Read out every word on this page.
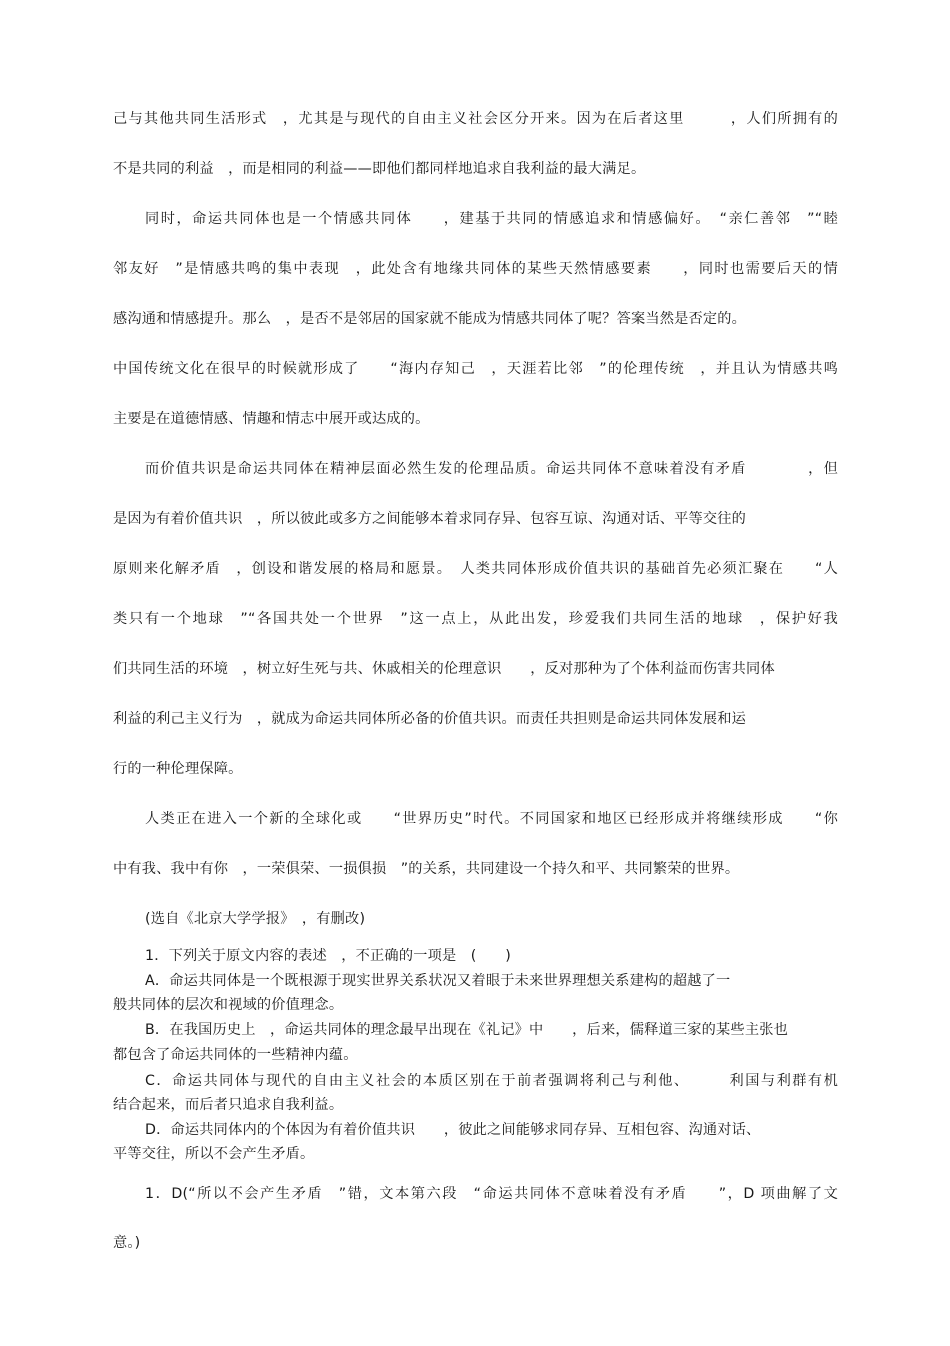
己与其他共同生活形式　，尤其是与现代的自由主义社会区分开来。因为在后者这里　　　，人们所拥有的
不是共同的利益　，而是相同的利益——即他们都同样地追求自我利益的最大满足。
同时，命运共同体也是一个情感共同体　　，建基于共同的情感追求和情感偏好。　“亲仁善邻　”“睦
邻友好　”是情感共鸣的集中表现　，此处含有地缘共同体的某些天然情感要素　　，同时也需要后天的情
感沟通和情感提升。那么　，是否不是邻居的国家就不能成为情感共同体了呢？答案当然是否定的。
中国传统文化在很早的时候就形成了　　“海内存知己　，天涯若比邻　”的伦理传统　，并且认为情感共鸣
主要是在道德情感、情趣和情志中展开或达成的。
而价值共识是命运共同体在精神层面必然生发的伦理品质。命运共同体不意味着没有矛盾　　　　，但
是因为有着价值共识　，所以彼此或多方之间能够本着求同存异、包容互谅、沟通对话、平等交往的
原则来化解矛盾　，创设和谐发展的格局和愿景。　人类共同体形成价值共识的基础首先必须汇聚在　　“人
类只有一个地球　”“各国共处一个世界　”这一点上，从此出发，珍爱我们共同生活的地球　，保护好我
们共同生活的环境　，树立好生死与共、休戚相关的伦理意识　　，反对那种为了个体利益而伤害共同体
利益的利己主义行为　，就成为命运共同体所必备的价值共识。而责任共担则是命运共同体发展和运
行的一种伦理保障。
人类正在进入一个新的全球化或　　“世界历史”时代。不同国家和地区已经形成并将继续形成　　“你
中有我、我中有你　，一荣俱荣、一损俱损　”的关系，共同建设一个持久和平、共同繁荣的世界。
(选自《北京大学学报》　，有删改)
1．下列关于原文内容的表述　，不正确的一项是　(　　)
A．命运共同体是一个既根源于现实世界关系状况又着眼于未来世界理想关系建构的超越了一
般共同体的层次和视域的价值理念。
B．在我国历史上　，命运共同体的理念最早出现在《礼记》中　　，后来，儒释道三家的某些主张也
都包含了命运共同体的一些精神内蕴。
C．命运共同体与现代的自由主义社会的本质区别在于前者强调将利己与利他、　　　利国与利群有机
结合起来，而后者只追求自我利益。
D．命运共同体内的个体因为有着价值共识　　，彼此之间能够求同存异、互相包容、沟通对话、
平等交往，所以不会产生矛盾。
1．D(“所以不会产生矛盾　”错，文本第六段　“命运共同体不意味着没有矛盾　　”，D 项曲解了文
意。)
